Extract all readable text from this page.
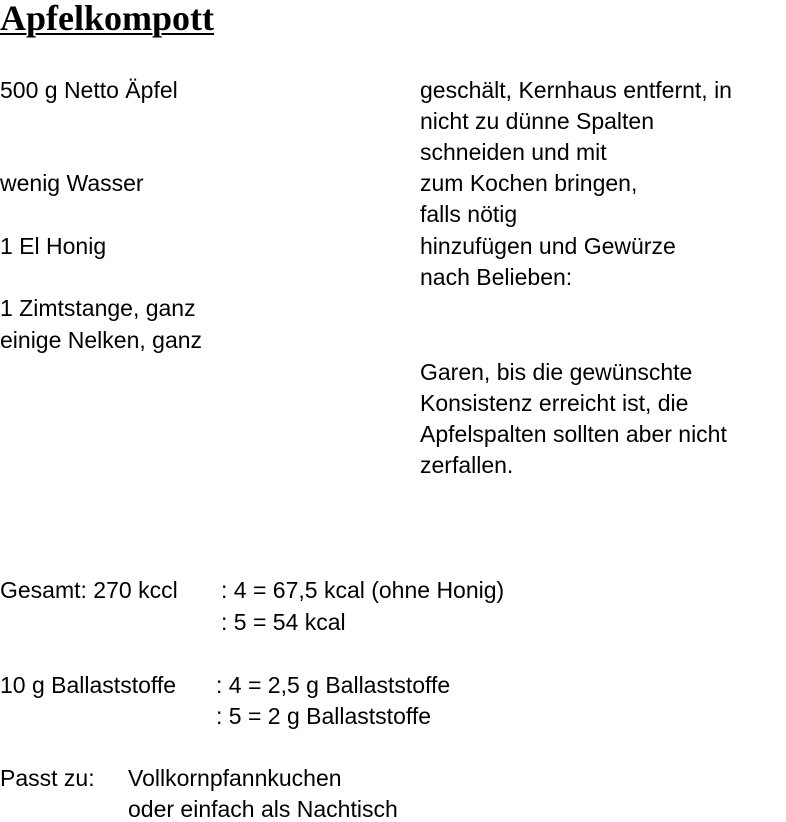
Apfelkompott
500 g Netto Äpfel
wenig Wasser
1 El Honig
1 Zimtstange, ganz
einige Nelken, ganz
geschält, Kernhaus entfernt, in
nicht zu dünne Spalten
schneiden und mit
zum Kochen bringen,
falls nötig
hinzufügen und Gewürze
nach Belieben:
Garen, bis die gewünschte
Konsistenz erreicht ist, die
Apfelspalten sollten aber nicht
zerfallen.
Gesamt: 270 kccl : 4 = 67,5 kcal (ohne Honig)
: 5 = 54 kcal
10 g Ballaststoffe : 4 = 2,5 g Ballaststoffe
: 5 = 2 g Ballaststoffe
Passt zu: Vollkornpfannkuchen
oder einfach als Nachtisch
